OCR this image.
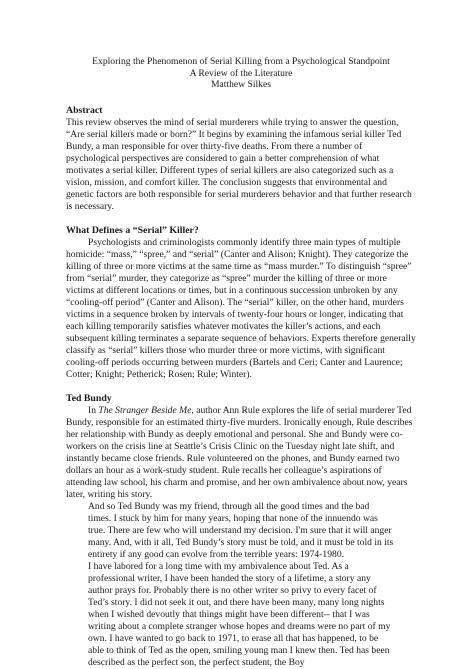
Exploring the Phenomenon of Serial Killing from a Psychological Standpoint
A Review of the Literature
Matthew Silkes
Abstract

This review observes the mind of serial murderers while trying to answer the question, “Are serial killers made or born?” It begins by examining the infamous serial killer Ted Bundy, a man responsible for over thirty-five deaths. From there a number of psychological perspectives are considered to gain a better comprehension of what motivates a serial killer. Different types of serial killers are also categorized such as a vision, mission, and comfort killer. The conclusion suggests that environmental and genetic factors are both responsible for serial murderers behavior and that further research is necessary.

What Defines a “Serial” Killer?

Psychologists and criminologists commonly identify three main types of multiple homicide: “mass,” “spree,” and “serial” (Canter and Alison; Knight). They categorize the killing of three or more victims at the same time as “mass murder.” To distinguish “spree” from “serial” murder, they categorize as “spree” murder the killing of three or more victims at different locations or times, but in a continuous succession unbroken by any “cooling-off period” (Canter and Alison). The “serial” killer, on the other hand, murders victims in a sequence broken by intervals of twenty-four hours or longer, indicating that each killing temporarily satisfies whatever motivates the killer’s actions, and each subsequent killing terminates a separate sequence of behaviors. Experts therefore generally classify as “serial” killers those who murder three or more victims, with significant cooling-off periods occurring between murders (Bartels and Ceri; Canter and Laurence; Cotter; Knight; Petherick; Rosen; Rule; Winter).

Ted Bundy

In The Stranger Beside Me, author Ann Rule explores the life of serial murderer Ted Bundy, responsible for an estimated thirty-five murders. Ironically enough, Rule describes her relationship with Bundy as deeply emotional and personal. She and Bundy were co-workers on the crisis line at Seattle’s Crisis Clinic on the Tuesday night late shift, and instantly became close friends. Rule volunteered on the phones, and Bundy earned two dollars an hour as a work-study student. Rule recalls her colleague’s aspirations of attending law school, his charm and promise, and her own ambivalence about now, years later, writing his story.

And so Ted Bundy was my friend, through all the good times and the bad times. I stuck by him for many years, hoping that none of the innuendo was true. There are few who will understand my decision. I'm sure that it will anger many. And, with it all, Ted Bundy’s story must be told, and it must be told in its entirety if any good can evolve from the terrible years: 1974-1980.

I have labored for a long time with my ambivalence about Ted. As a professional writer, I have been handed the story of a lifetime, a story any author prays for. Probably there is no other writer so privy to every facet of Ted’s story. I did not seek it out, and there have been many, many long nights when I wished devoutly that things might have been different-- that I was writing about a complete stranger whose hopes and dreams were no part of my own. I have wanted to go back to 1971, to erase all that has happened, to be able to think of Ted as the open, smiling young man I knew then. Ted has been described as the perfect son, the perfect student, the Boy
